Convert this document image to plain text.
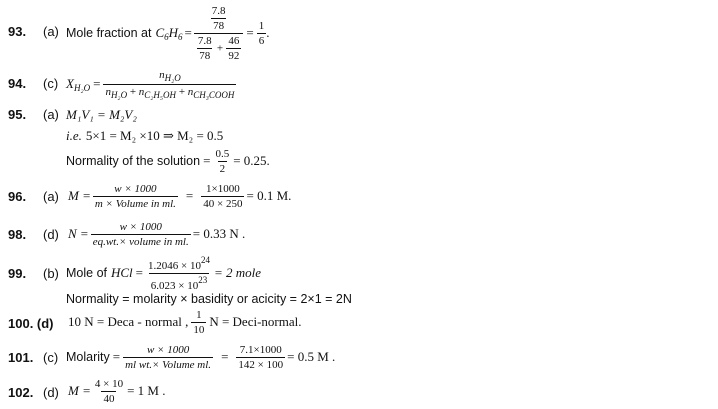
93. (a) Mole fraction at
$C_6H_6 = \frac{\frac{7.8}{78}}{\frac{7.8}{78} + \frac{46}{92}} = \frac{1}{6}$ .
94. (c) $X_{H_2O} = \frac{n_{H_2O}}{n_{H_2O} + n_{C_2H_5OH} + n_{CH_3COOH}}$
95. (a) M₁V₁ = M₂V₂
i.e.
5×1 = M₂ ×10 ⇒ M₂ = 0.5
Normality of the solution = $\frac{0.5}{2} = 0.25$.
96. (a) $M = \frac{w \times 1000}{\text{m × Volume in ml.}} = \frac{1\times 1000}{40 \times 250} = 0.1$ M.
98. (d) $N = \frac{w \times 1000}{\text{eq.wt.× volume in ml.}} = 0.33$ N .
99. (b) Mole of
HCl = $\frac{1.2046 \times 10^{24}}{6.023 \times 10^{23}} = 2$ mole
Normality = molarity × basidity or acicity = 2×1 = 2N
100. (d) 10 N = Deca - normal , $\frac{1}{10}$ N = Deci-normal.
101. (c) Molarity = $\frac{w \times 1000}{\text{ml wt.× Volume ml.}} = \frac{7.1\times 1000}{142 \times 100} = 0.5$ M .
102. (d) $M = \frac{4 \times 10}{40} = 1$ M .
